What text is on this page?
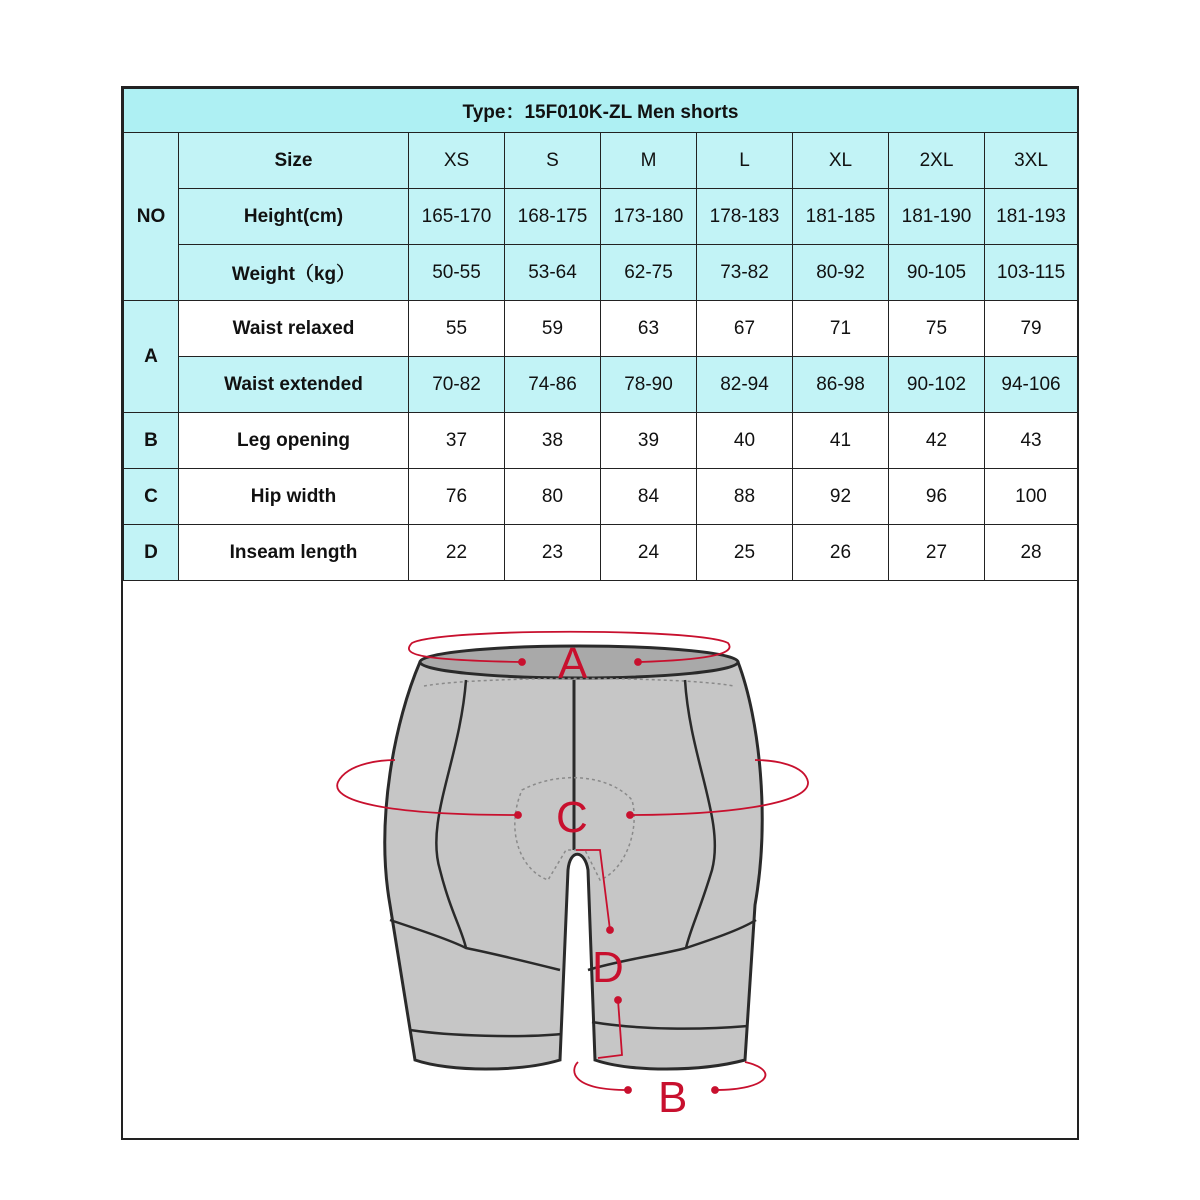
Type：15F010K-ZL Men shorts								
NO	Size	XS	S	M	L	XL	2XL	3XL
	Height(cm)	165-170	168-175	173-180	178-183	181-185	181-190	181-193
	Weight（kg）	50-55	53-64	62-75	73-82	80-92	90-105	103-115
A	Waist relaxed	55	59	63	67	71	75	79
	Waist extended	70-82	74-86	78-90	82-94	86-98	90-102	94-106
B	Leg opening	37	38	39	40	41	42	43
C	Hip width	76	80	84	88	92	96	100
D	Inseam length	22	23	24	25	26	27	28
A
C
D
B
